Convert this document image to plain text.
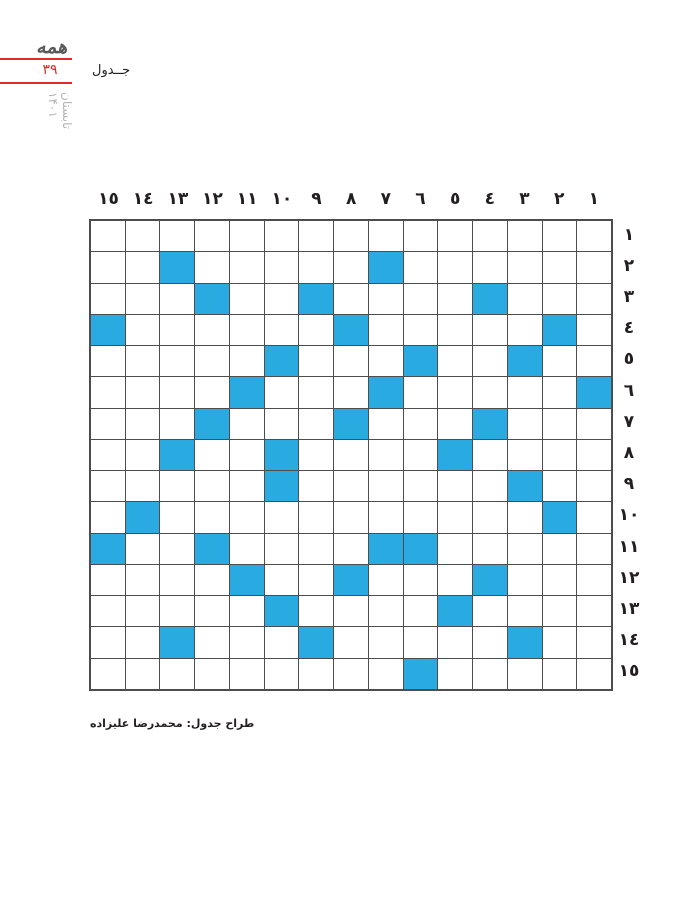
همه
۳۹	جــدول
تابستان ۱۴۰۱
۱
۲
۳
٤
٥
٦
۷
۸
۹
۱۰
۱۱
۱۲
۱۳
۱٤
۱٥
۱
۲
۳
٤
٥
٦
۷
۸
۹
۱۰
۱۱
۱۲
۱۳
۱٤
۱٥
طراح جدول: محمدرضا علیزاده
